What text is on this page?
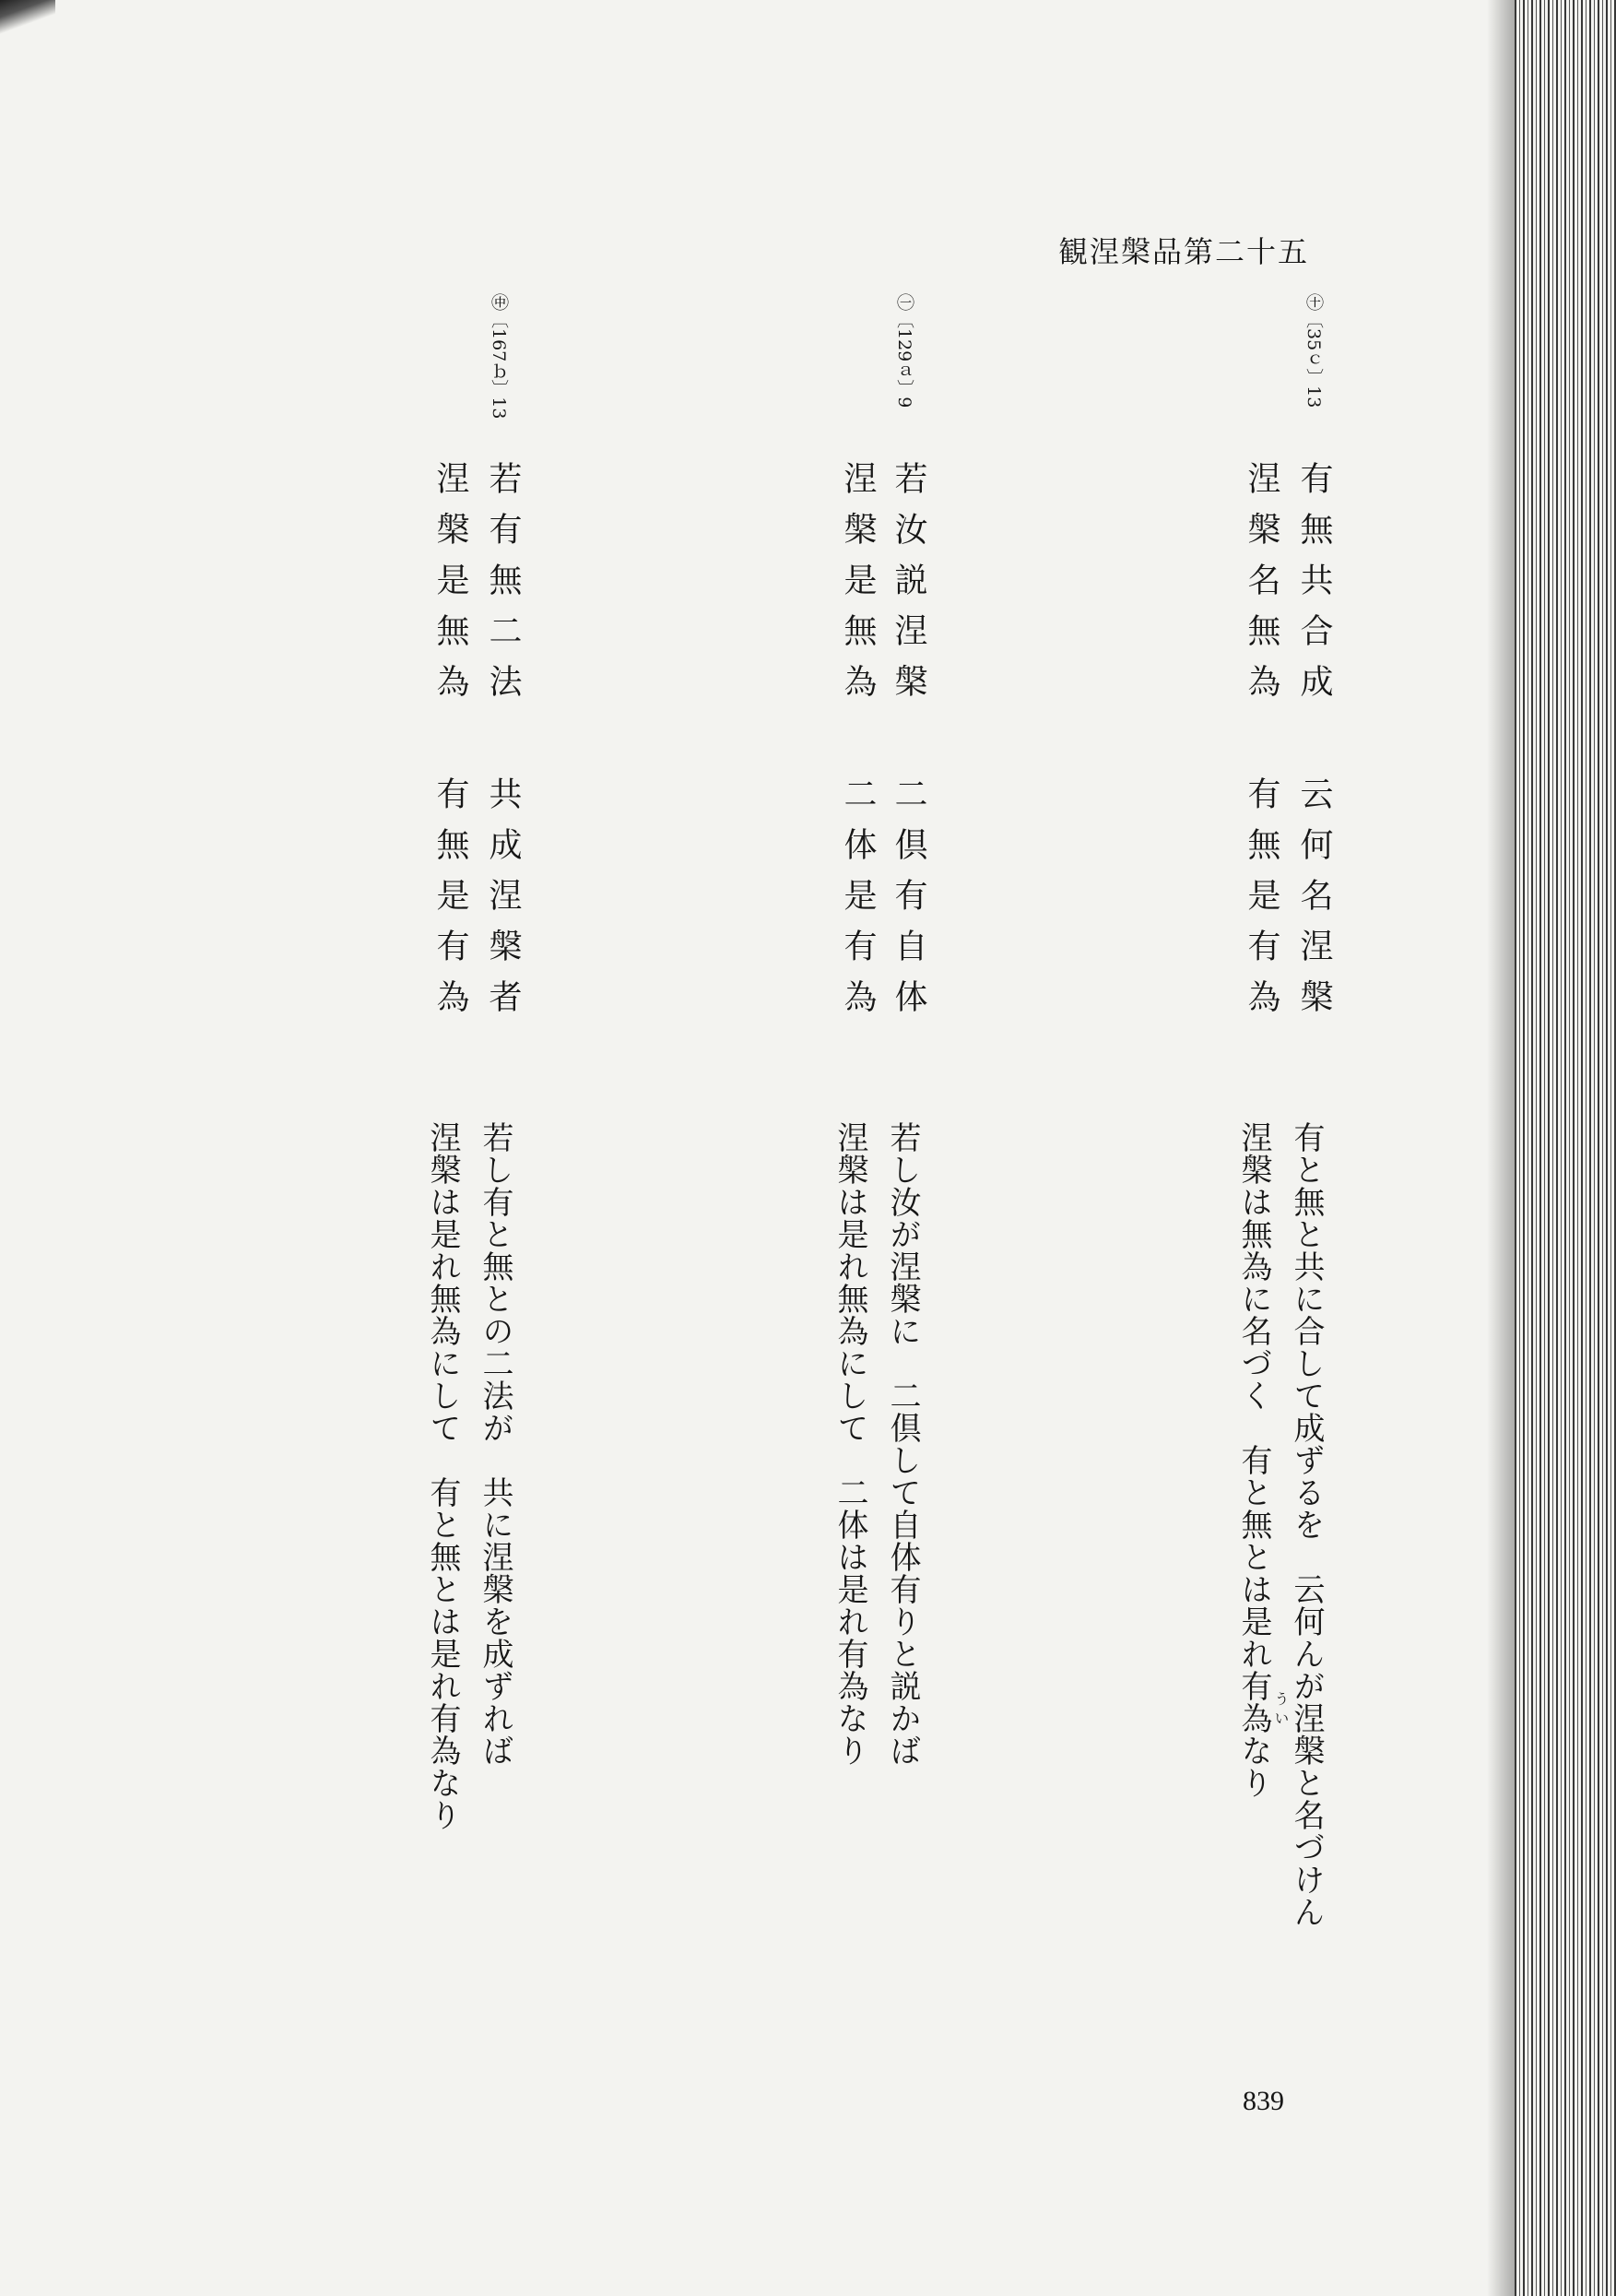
観涅槃品第二十五
㊉〔35ｃ〕13
有無共合成
云何名涅槃
涅槃名無為
有無是有為
有と無と共に合して成ずるを　云何んが涅槃と名づけん
う い
涅槃は無為に名づく　有と無とは是れ有為なり
㊀〔129ａ〕9
若汝説涅槃
二倶有自体
涅槃是無為
二体是有為
若し汝が涅槃に　二倶して自体有りと説かば
涅槃は是れ無為にして　二体は是れ有為なり
㊥〔167ｂ〕13
若有無二法
共成涅槃者
涅槃是無為
有無是有為
若し有と無との二法が　共に涅槃を成ずれば
涅槃は是れ無為にして　有と無とは是れ有為なり
839
